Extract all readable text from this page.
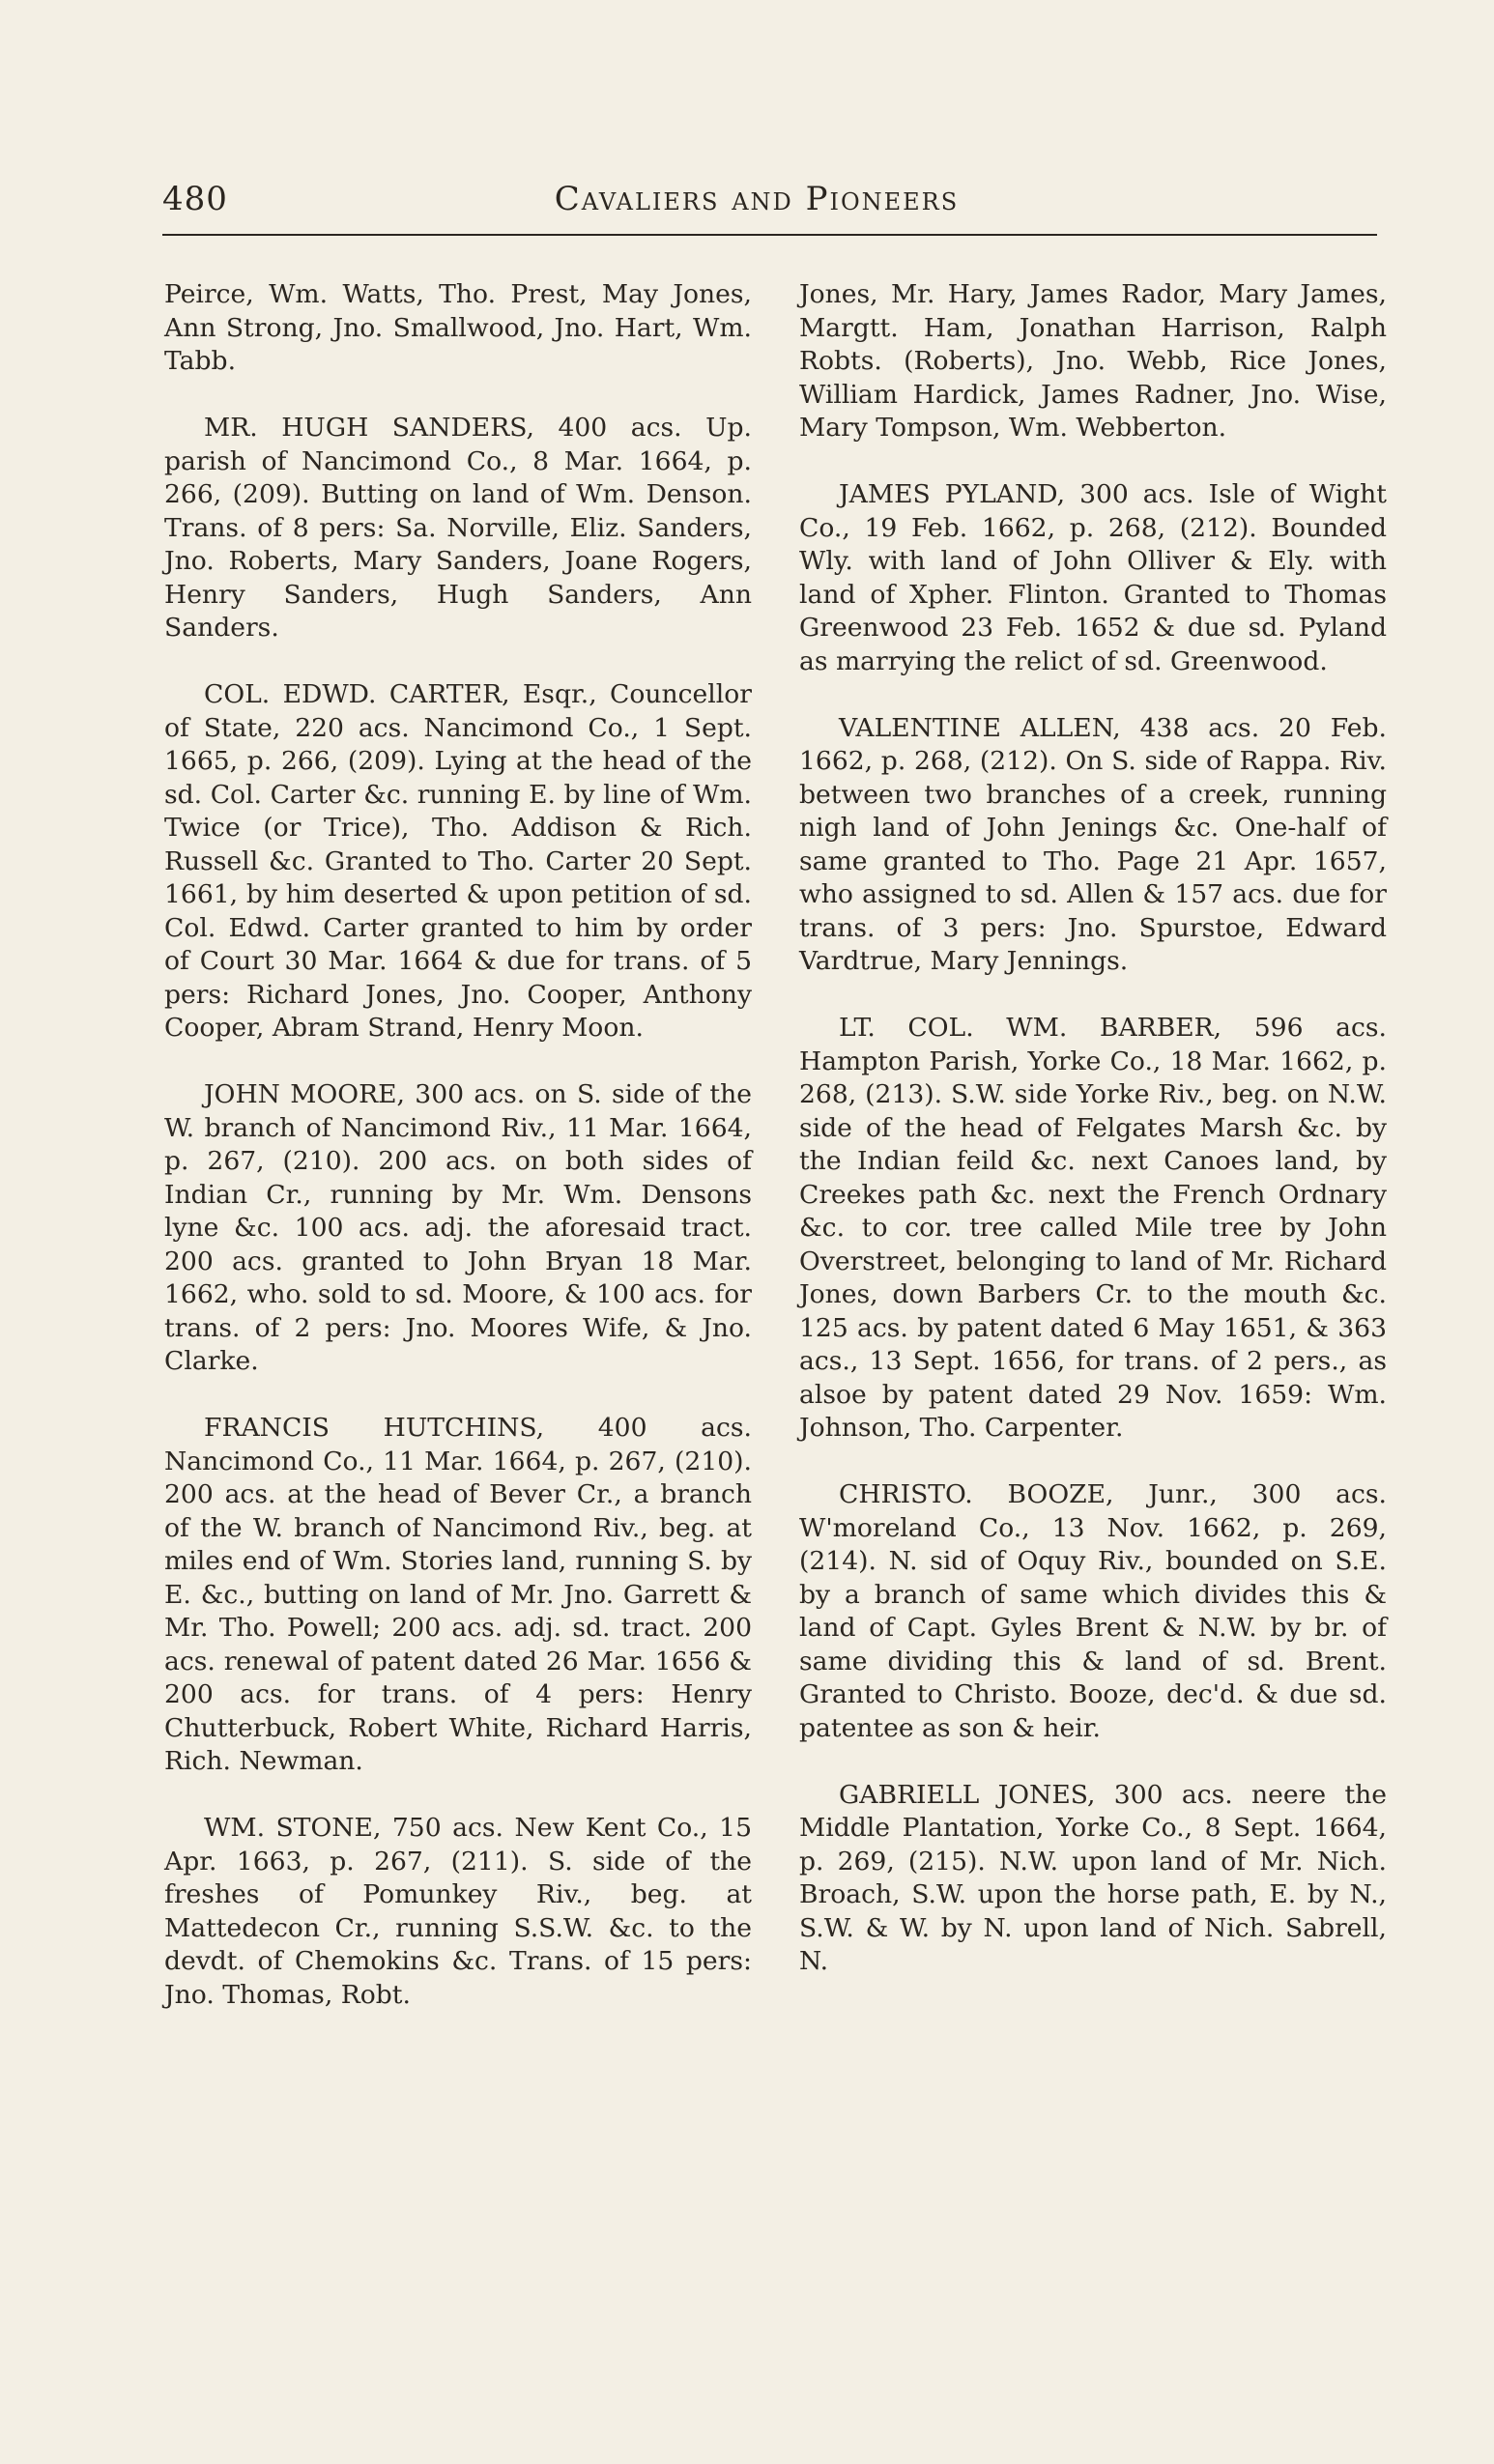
480	Cavaliers and Pioneers

Peirce, Wm. Watts, Tho. Prest, May Jones, Ann Strong, Jno. Smallwood, Jno. Hart, Wm. Tabb.

MR. HUGH SANDERS, 400 acs. Up. parish of Nancimond Co., 8 Mar. 1664, p. 266, (209). Butting on land of Wm. Denson. Trans. of 8 pers: Sa. Norville, Eliz. Sanders, Jno. Roberts, Mary Sanders, Joane Rogers, Henry Sanders, Hugh Sanders, Ann Sanders.

COL. EDWD. CARTER, Esqr., Councellor of State, 220 acs. Nancimond Co., 1 Sept. 1665, p. 266, (209). Lying at the head of the sd. Col. Carter &c. running E. by line of Wm. Twice (or Trice), Tho. Addison & Rich. Russell &c. Granted to Tho. Carter 20 Sept. 1661, by him deserted & upon petition of sd. Col. Edwd. Carter granted to him by order of Court 30 Mar. 1664 & due for trans. of 5 pers: Richard Jones, Jno. Cooper, Anthony Cooper, Abram Strand, Henry Moon.

JOHN MOORE, 300 acs. on S. side of the W. branch of Nancimond Riv., 11 Mar. 1664, p. 267, (210). 200 acs. on both sides of Indian Cr., running by Mr. Wm. Densons lyne &c. 100 acs. adj. the aforesaid tract. 200 acs. granted to John Bryan 18 Mar. 1662, who. sold to sd. Moore, & 100 acs. for trans. of 2 pers: Jno. Moores Wife, & Jno. Clarke.

FRANCIS HUTCHINS, 400 acs. Nancimond Co., 11 Mar. 1664, p. 267, (210). 200 acs. at the head of Bever Cr., a branch of the W. branch of Nancimond Riv., beg. at miles end of Wm. Stories land, running S. by E. &c., butting on land of Mr. Jno. Garrett & Mr. Tho. Powell; 200 acs. adj. sd. tract. 200 acs. renewal of patent dated 26 Mar. 1656 & 200 acs. for trans. of 4 pers: Henry Chutterbuck, Robert White, Richard Harris, Rich. Newman.

WM. STONE, 750 acs. New Kent Co., 15 Apr. 1663, p. 267, (211). S. side of the freshes of Pomunkey Riv., beg. at Mattedecon Cr., running S.S.W. &c. to the devdt. of Chemokins &c. Trans. of 15 pers: Jno. Thomas, Robt.

Jones, Mr. Hary, James Rador, Mary James, Margtt. Ham, Jonathan Harrison, Ralph Robts. (Roberts), Jno. Webb, Rice Jones, William Hardick, James Radner, Jno. Wise, Mary Tompson, Wm. Webberton.

JAMES PYLAND, 300 acs. Isle of Wight Co., 19 Feb. 1662, p. 268, (212). Bounded Wly. with land of John Olliver & Ely. with land of Xpher. Flinton. Granted to Thomas Greenwood 23 Feb. 1652 & due sd. Pyland as marrying the relict of sd. Greenwood.

VALENTINE ALLEN, 438 acs. 20 Feb. 1662, p. 268, (212). On S. side of Rappa. Riv. between two branches of a creek, running nigh land of John Jenings &c. One-half of same granted to Tho. Page 21 Apr. 1657, who assigned to sd. Allen & 157 acs. due for trans. of 3 pers: Jno. Spurstoe, Edward Vardtrue, Mary Jennings.

LT. COL. WM. BARBER, 596 acs. Hampton Parish, Yorke Co., 18 Mar. 1662, p. 268, (213). S.W. side Yorke Riv., beg. on N.W. side of the head of Felgates Marsh &c. by the Indian feild &c. next Canoes land, by Creekes path &c. next the French Ordnary &c. to cor. tree called Mile tree by John Overstreet, belonging to land of Mr. Richard Jones, down Barbers Cr. to the mouth &c. 125 acs. by patent dated 6 May 1651, & 363 acs., 13 Sept. 1656, for trans. of 2 pers., as alsoe by patent dated 29 Nov. 1659: Wm. Johnson, Tho. Carpenter.

CHRISTO. BOOZE, Junr., 300 acs. W'moreland Co., 13 Nov. 1662, p. 269, (214). N. sid of Oquy Riv., bounded on S.E. by a branch of same which divides this & land of Capt. Gyles Brent & N.W. by br. of same dividing this & land of sd. Brent. Granted to Christo. Booze, dec'd. & due sd. patentee as son & heir.

GABRIELL JONES, 300 acs. neere the Middle Plantation, Yorke Co., 8 Sept. 1664, p. 269, (215). N.W. upon land of Mr. Nich. Broach, S.W. upon the horse path, E. by N., S.W. & W. by N. upon land of Nich. Sabrell, N.
